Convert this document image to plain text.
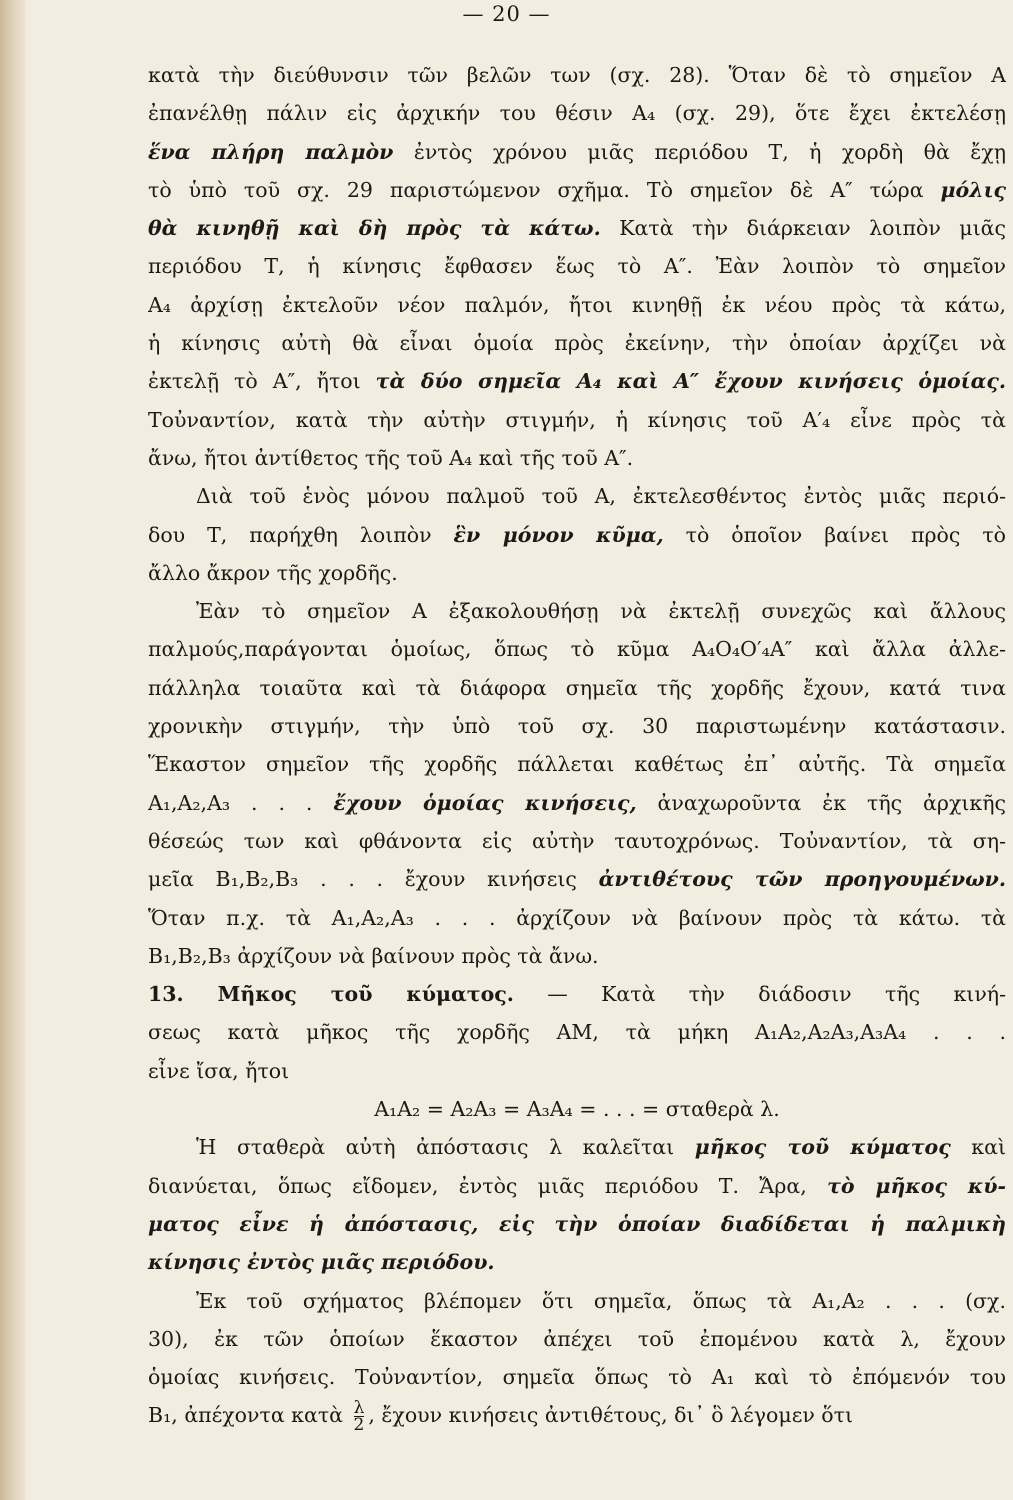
— 20 —
κατὰ τὴν διεύθυνσιν τῶν βελῶν των (σχ. 28). Ὅταν δὲ τὸ σημεῖον Α
ἐπανέλθῃ πάλιν εἰς ἀρχικήν του θέσιν Α₄ (σχ. 29), ὅτε ἔχει ἐκτελέσῃ
ἕνα πλήρη παλμὸν ἐντὸς χρόνου μιᾶς περιόδου Τ, ἡ χορδὴ θὰ ἔχῃ
τὸ ὑπὸ τοῦ σχ. 29 παριστώμενον σχῆμα. Τὸ σημεῖον δὲ Α″ τώρα μόλις
θὰ κινηθῇ καὶ δὴ πρὸς τὰ κάτω. Κατὰ τὴν διάρκειαν λοιπὸν μιᾶς
περιόδου Τ, ἡ κίνησις ἔφθασεν ἕως τὸ Α″. Ἐὰν λοιπὸν τὸ σημεῖον
Α₄ ἀρχίσῃ ἐκτελοῦν νέον παλμόν, ἤτοι κινηθῇ ἐκ νέου πρὸς τὰ κάτω,
ἡ κίνησις αὐτὴ θὰ εἶναι ὁμοία πρὸς ἐκείνην, τὴν ὁποίαν ἀρχίζει νὰ
ἐκτελῇ τὸ Α″, ἤτοι τὰ δύο σημεῖα Α₄ καὶ Α″ ἔχουν κινήσεις ὁμοίας.
Τοὐναντίον, κατὰ τὴν αὐτὴν στιγμήν, ἡ κίνησις τοῦ Α′₄ εἶνε πρὸς τὰ
ἄνω, ἤτοι ἀντίθετος τῆς τοῦ Α₄ καὶ τῆς τοῦ Α″.
Διὰ τοῦ ἑνὸς μόνου παλμοῦ τοῦ Α, ἐκτελεσθέντος ἐντὸς μιᾶς περιό-
δου Τ, παρήχθη λοιπὸν ἓν μόνον κῦμα, τὸ ὁποῖον βαίνει πρὸς τὸ
ἄλλο ἄκρον τῆς χορδῆς.
Ἐὰν τὸ σημεῖον Α ἐξακολουθήσῃ νὰ ἐκτελῇ συνεχῶς καὶ ἄλλους
παλμούς,παράγονται ὁμοίως, ὅπως τὸ κῦμα Α₄Ο₄Ο′₄Α″ καὶ ἄλλα ἀλλε-
πάλληλα τοιαῦτα καὶ τὰ διάφορα σημεῖα τῆς χορδῆς ἔχουν, κατά τινα
χρονικὴν στιγμήν, τὴν ὑπὸ τοῦ σχ. 30 παριστωμένην κατάστασιν.
Ἕκαστον σημεῖον τῆς χορδῆς πάλλεται καθέτως ἐπ᾽ αὐτῆς. Τὰ σημεῖα
Α₁,Α₂,Α₃ . . . ἔχουν ὁμοίας κινήσεις, ἀναχωροῦντα ἐκ τῆς ἀρχικῆς
θέσεώς των καὶ φθάνοντα εἰς αὐτὴν ταυτοχρόνως. Τοὐναντίον, τὰ ση-
μεῖα Β₁,Β₂,Β₃ . . . ἔχουν κινήσεις ἀντιθέτους τῶν προηγουμένων.
Ὅταν π.χ. τὰ Α₁,Α₂,Α₃ . . . ἀρχίζουν νὰ βαίνουν πρὸς τὰ κάτω. τὰ
Β₁,Β₂,Β₃ ἀρχίζουν νὰ βαίνουν πρὸς τὰ ἄνω.
13. Μῆκος τοῦ κύματος. — Κατὰ τὴν διάδοσιν τῆς κινή-
σεως κατὰ μῆκος τῆς χορδῆς ΑΜ, τὰ μήκη Α₁Α₂,Α₂Α₃,Α₃Α₄ . . .
εἶνε ἴσα, ἤτοι
Α₁Α₂ = Α₂Α₃ = Α₃Α₄ = . . . = σταθερὰ λ.
Ἡ σταθερὰ αὐτὴ ἀπόστασις λ καλεῖται μῆκος τοῦ κύματος καὶ
διανύεται, ὅπως εἴδομεν, ἐντὸς μιᾶς περιόδου Τ. Ἄρα, τὸ μῆκος κύ-
ματος εἶνε ἡ ἀπόστασις, εἰς τὴν ὁποίαν διαδίδεται ἡ παλμικὴ
κίνησις ἐντὸς μιᾶς περιόδου.
Ἐκ τοῦ σχήματος βλέπομεν ὅτι σημεῖα, ὅπως τὰ Α₁,Α₂ . . . (σχ.
30), ἐκ τῶν ὁποίων ἕκαστον ἀπέχει τοῦ ἐπομένου κατὰ λ, ἔχουν
ὁμοίας κινήσεις. Τοὐναντίον, σημεῖα ὅπως τὸ Α₁ καὶ τὸ ἐπόμενόν του
Β₁, ἀπέχοντα κατὰ $\frac{\lambda}{2}$ , ἔχουν κινήσεις ἀντιθέτους, δι᾽ ὃ λέγομεν ὅτι
